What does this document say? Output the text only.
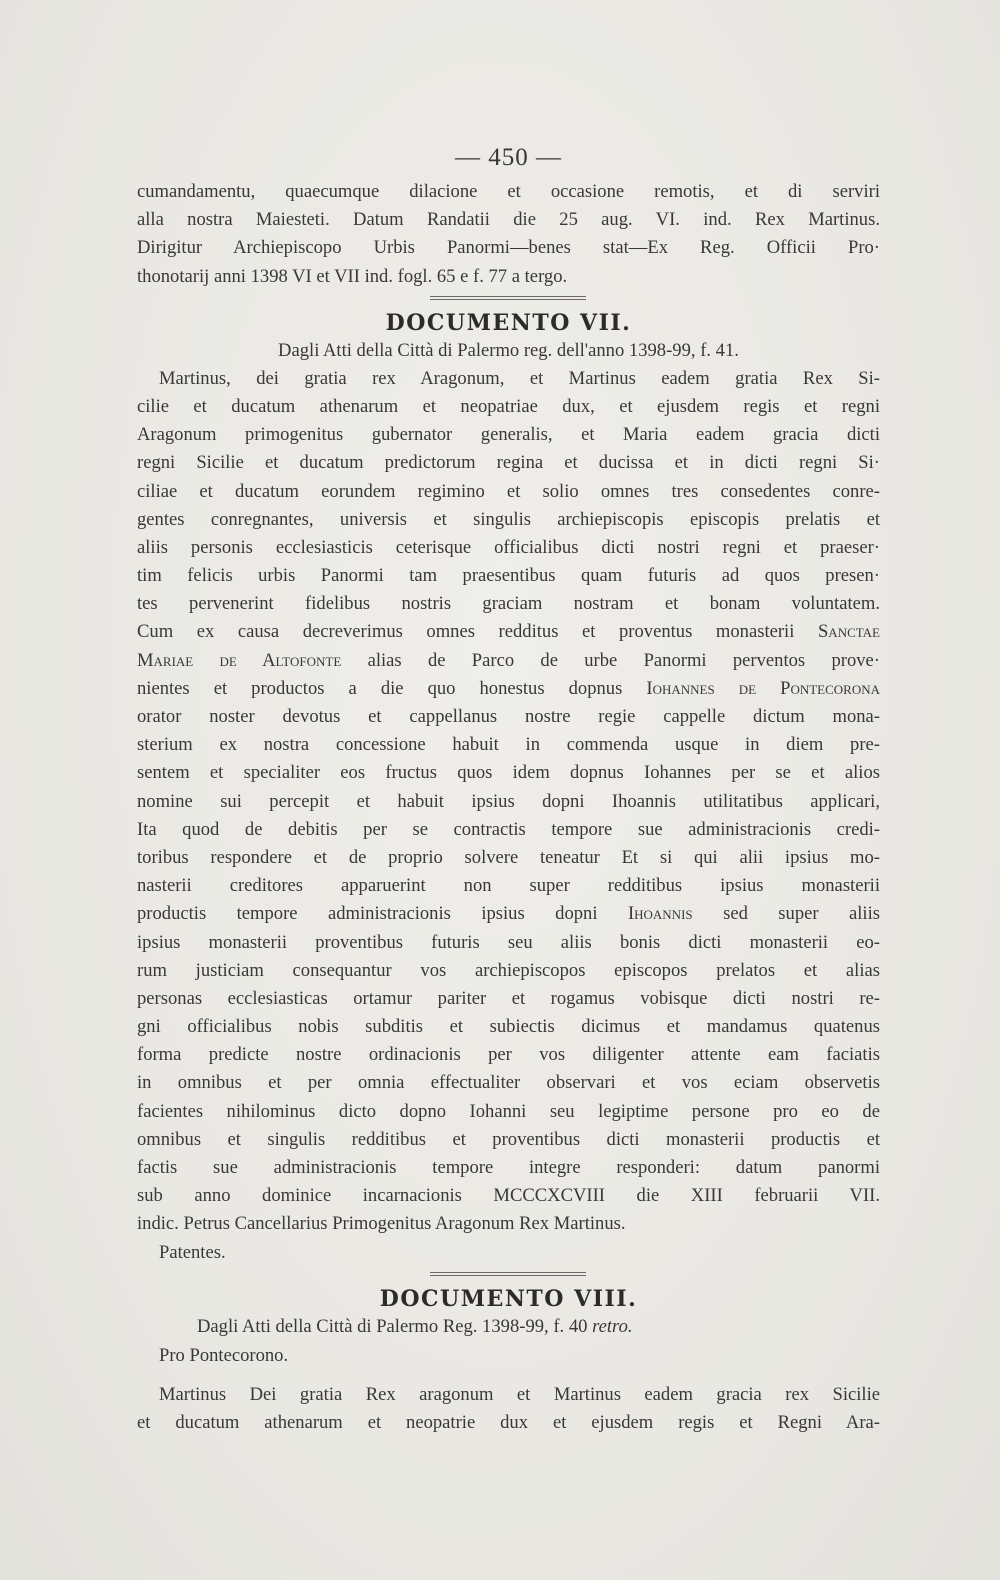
— 450 —
cumandamentu, quaecumque dilacione et occasione remotis, et di serviri
alla nostra Maiesteti. Datum Randatii die 25 aug. VI. ind. Rex Martinus.
Dirigitur Archiepiscopo Urbis Panormi—benes stat—Ex Reg. Officii Pro·
thonotarij anni 1398 VI et VII ind. fogl. 65 e f. 77 a tergo.
DOCUMENTO VII.
Dagli Atti della Città di Palermo reg. dell'anno 1398-99, f. 41.
Martinus, dei gratia rex Aragonum, et Martinus eadem gratia Rex Si-
cilie et ducatum athenarum et neopatriae dux, et ejusdem regis et regni
Aragonum primogenitus gubernator generalis, et Maria eadem gracia dicti
regni Sicilie et ducatum predictorum regina et ducissa et in dicti regni Si·
ciliae et ducatum eorundem regimino et solio omnes tres consedentes conre-
gentes conregnantes, universis et singulis archiepiscopis episcopis prelatis et
aliis personis ecclesiasticis ceterisque officialibus dicti nostri regni et praeser·
tim felicis urbis Panormi tam praesentibus quam futuris ad quos presen·
tes pervenerint fidelibus nostris graciam nostram et bonam voluntatem.
Cum ex causa decreverimus omnes redditus et proventus monasterii Sanctae
Mariae de Altofonte alias de Parco de urbe Panormi perventos prove·
nientes et productos a die quo honestus dopnus Iohannes de Pontecorona
orator noster devotus et cappellanus nostre regie cappelle dictum mona-
sterium ex nostra concessione habuit in commenda usque in diem pre-
sentem et specialiter eos fructus quos idem dopnus Iohannes per se et alios
nomine sui percepit et habuit ipsius dopni Ihoannis utilitatibus applicari,
Ita quod de debitis per se contractis tempore sue administracionis credi-
toribus respondere et de proprio solvere teneatur Et si qui alii ipsius mo-
nasterii creditores apparuerint non super redditibus ipsius monasterii
productis tempore administracionis ipsius dopni Ihoannis sed super aliis
ipsius monasterii proventibus futuris seu aliis bonis dicti monasterii eo-
rum justiciam consequantur vos archiepiscopos episcopos prelatos et alias
personas ecclesiasticas ortamur pariter et rogamus vobisque dicti nostri re-
gni officialibus nobis subditis et subiectis dicimus et mandamus quatenus
forma predicte nostre ordinacionis per vos diligenter attente eam faciatis
in omnibus et per omnia effectualiter observari et vos eciam observetis
facientes nihilominus dicto dopno Iohanni seu legiptime persone pro eo de
omnibus et singulis redditibus et proventibus dicti monasterii productis et
factis sue administracionis tempore integre responderi: datum panormi
sub anno dominice incarnacionis MCCCXCVIII die XIII februarii VII.
indic. Petrus Cancellarius Primogenitus Aragonum Rex Martinus.
Patentes.
DOCUMENTO VIII.
Dagli Atti della Città di Palermo Reg. 1398-99, f. 40 retro.
Pro Pontecorono.
Martinus Dei gratia Rex aragonum et Martinus eadem gracia rex Sicilie
et ducatum athenarum et neopatrie dux et ejusdem regis et Regni Ara-
